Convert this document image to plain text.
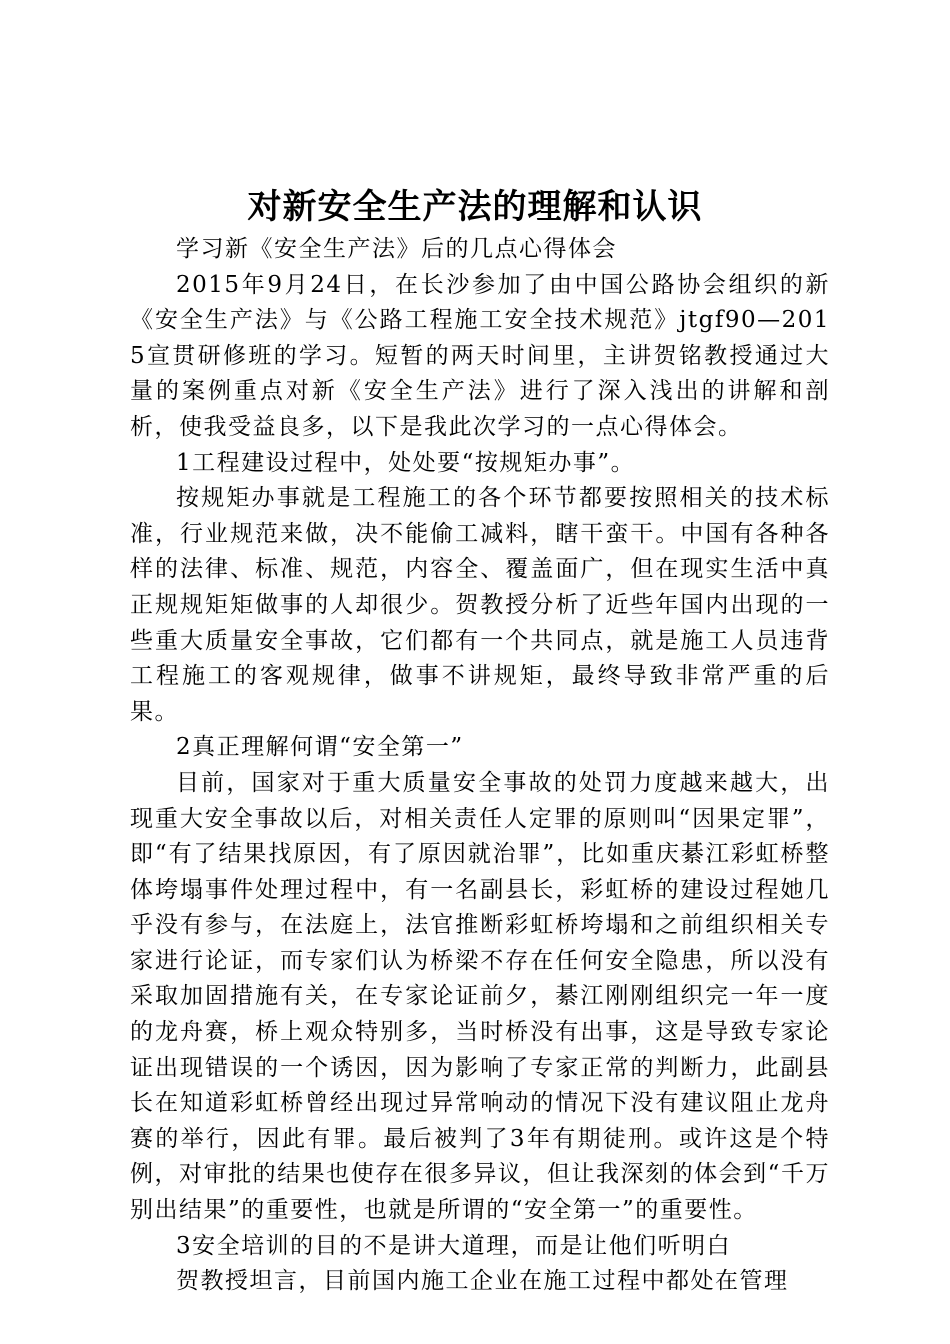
对新安全生产法的理解和认识

学习新《安全生产法》后的几点心得体会

2015年9月24日，在长沙参加了由中国公路协会组织的新《安全生产法》与《公路工程施工安全技术规范》jtgf90—2015宣贯研修班的学习。短暂的两天时间里，主讲贺铭教授通过大量的案例重点对新《安全生产法》进行了深入浅出的讲解和剖析，使我受益良多，以下是我此次学习的一点心得体会。

1工程建设过程中，处处要“按规矩办事”。

按规矩办事就是工程施工的各个环节都要按照相关的技术标准，行业规范来做，决不能偷工减料，瞎干蛮干。中国有各种各样的法律、标准、规范，内容全、覆盖面广，但在现实生活中真正规规矩矩做事的人却很少。贺教授分析了近些年国内出现的一些重大质量安全事故，它们都有一个共同点，就是施工人员违背工程施工的客观规律，做事不讲规矩，最终导致非常严重的后果。

2真正理解何谓“安全第一”

目前，国家对于重大质量安全事故的处罚力度越来越大，出现重大安全事故以后，对相关责任人定罪的原则叫“因果定罪”，即“有了结果找原因，有了原因就治罪”，比如重庆綦江彩虹桥整体垮塌事件处理过程中，有一名副县长，彩虹桥的建设过程她几乎没有参与，在法庭上，法官推断彩虹桥垮塌和之前组织相关专家进行论证，而专家们认为桥梁不存在任何安全隐患，所以没有采取加固措施有关，在专家论证前夕，綦江刚刚组织完一年一度的龙舟赛，桥上观众特别多，当时桥没有出事，这是导致专家论证出现错误的一个诱因，因为影响了专家正常的判断力，此副县长在知道彩虹桥曾经出现过异常响动的情况下没有建议阻止龙舟赛的举行，因此有罪。最后被判了3年有期徒刑。或许这是个特例，对审批的结果也使存在很多异议，但让我深刻的体会到“千万别出结果”的重要性，也就是所谓的“安全第一”的重要性。

3安全培训的目的不是讲大道理，而是让他们听明白

贺教授坦言，目前国内施工企业在施工过程中都处在管理
